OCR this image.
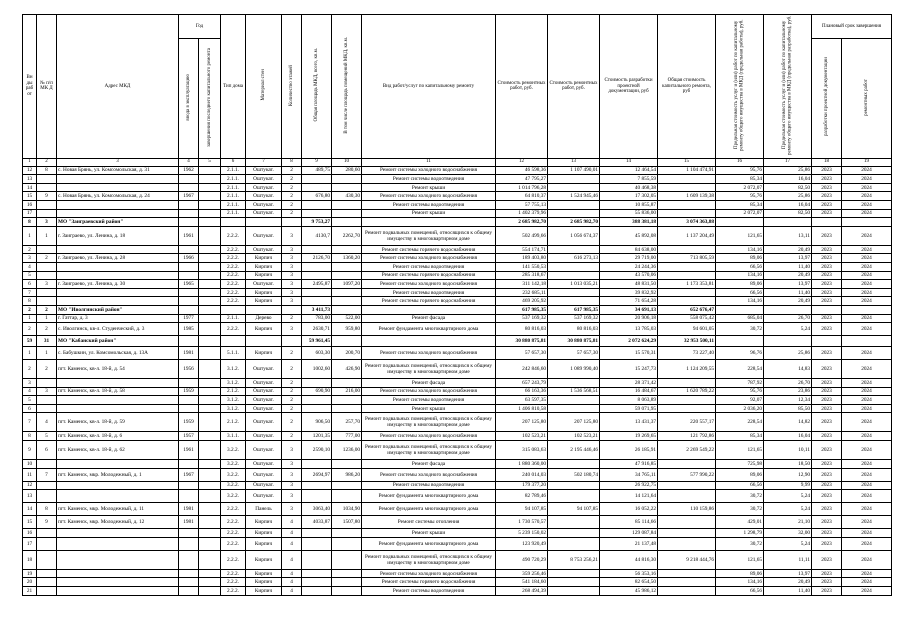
Вн ды раб от	№ п/п МК Д	Адрес МКД	Год		Тип дома	Материал стен	Количество этажей	Общая площадь МКД, всего, кв.м.	В том числе площадь помещений МКД, кв.м.	Вид работ/услуг по капитальному ремонту	Стоимость ремонтных работ, руб.	Стоимость ремонтных работ, руб.	Стоимость разработки проектной документации, руб	Общая стоимость капитального ремонта, руб	Предельная стоимость услуг и (или) работ по капитальному ремонту общего имущества в МКД (предельная работы), руб.	Предельная стоимость услуг и (или) работ по капитальному ремонту общего имущества в МКД (предельная разработка), руб.	Плановый срок завершения	
			ввода в эксплуатацию	завершения последнего капитального ремонта													разработки проектной документации	ремонтных работ
1	2	3	4	5	6	7	8	9	10	11	12	13	14	15	16	17	18	19
12	8	с. Новая Брянь, ул. Комсомольская, д. 31	1962		2.1.1.	Оштукат.	2	489,75	280,60	Ремонт системы холодного водоснабжения	46 598,36	1 107 490,01	12 464,54	1 104 474,91	95,76	25,86	2023	2024
13					2.1.1.	Оштукат.	2			Ремонт системы водоотведения	47 795,27		7 855,59		85,34	16,04	2023	2024
14					2.1.1.	Оштукат.	2			Ремонт крыши	1 014 796,28		40 468,38		2 072,07	82,50	2023	2024
15	9	с. Новая Брянь, ул. Комсомольская, д. 24	1967		2.1.1.	Оштукат.	2	676,80	430,30	Ремонт системы холодного водоснабжения	64 810,37	1 524 945,46	17 302,05	1 609 139,38	95,76	25,86	2023	2024
16					2.1.1.	Оштукат.	2			Ремонт системы водоотведения	57 755,13		10 855,87		85,34	16,04	2023	2024
17					2.1.1.	Оштукат.	2			Ремонт крыши	1 402 379,96		55 836,00		2 072,07	82,50	2023	2024
8	3	МО "Заиграевский район"						9 753,27			2 685 982,70	2 685 982,70	388 381,18	3 074 363,88				
1	1	г. Заиграево, ул. Ленина, д. 18	1961		2.2.2.	Оштукат.	3	4130,7	2262,70	Ремонт подвальных помещений, относящихся к общему имуществу в многоквартирном доме	502 499,66	1 056 674,37	45 892,08	1 137 204,49	121,65	13,11	2023	2024
2					2.2.2.	Оштукат.	3			Ремонт системы горячего водоснабжения	554 174,71		84 638,00		134,16	20,49	2023	2024
3	2	г. Заиграево, ул. Ленина, д. 28	1966		2.2.2.	Кирпич	3	2126,70	1360,20	Ремонт системы холодного водоснабжения	189 403,80	616 273,13	29 719,00	713 805,59	89,06	13,97	2023	2024
4					2.2.2.	Кирпич	3			Ремонт системы водоотведения	141 550,53		24 244,36		66,56	11,40	2023	2024
5					2.2.2.	Кирпич	3			Ремонт системы горячего водоснабжения	285 318,67		43 570,06		134,16	20,49	2023	2024
6	3	г. Заиграево, ул. Ленина, д. 30	1965		2.2.2.	Оштукат.	3	2495,87	1097,20	Ремонт системы холодного водоснабжения	311 142,18	1 013 035,21	48 831,50	1 173 353,81	89,06	13,97	2023	2024
7					2.2.2.	Кирпич	3			Ремонт системы водоотведения	232 685,11		39 832,92		66,56	11,40	2023	2024
8					2.2.2.	Кирпич	3			Ремонт системы горячего водоснабжения	469 205,92		71 654,28		134,16	20,49	2023	2024
2	2	МО "Иволгинский район"						3 411,73			617 985,35	617 985,35	34 691,13	652 676,47				
1	1	г. Гаттар, д. 3	1977		2.1.1.	Дерево	2	783,00	522,00	Ремонт фасада	537 169,32	537 169,32	20 906,18	558 075,42	685,04	26,70	2023	2024
2	2	с. Иволгинск, кв-л. Студенческий, д. 3	1985		2.2.2.	Кирпич	3	2630,71	959,80	Ремонт фундамента многоквартирного дома	80 816,03	80 816,03	13 785,03	94 601,05	30,72	5,24	2023	2024
59	31	МО "Кабанский район"						59 961,45			30 880 875,81	30 880 875,81	2 072 624,29	32 953 500,11				
1	1	с. Бабушкин, ул. Комсомольская, д. 13А	1981		5.1.1.	Кирпич	2	603,30	200,70	Ремонт системы холодного водоснабжения	57 657,30	57 657,30	15 570,31	73 227,40	96,76	25,86	2023	2024
2	2	пгт. Каменск, кв-л. 18-й, д. 54	1956		3.1.2.	Оштукат.	2	1002,60	426,90	Ремонт подвальных помещений, относящихся к общему имуществу в многоквартирном доме	242 846,60	1 089 990,40	15 247,73	1 124 209,55	228,54	14,83	2023	2024
3					3.1.2.	Оштукат.	2			Ремонт фасада	657 243,79		28 371,42		787,92	26,70	2023	2024
4	3	пгт. Каменск, кв-л. 18-й, д. 58	1959		2.1.2.	Оштукат.	2	690,90	216,00	Ремонт системы холодного водоснабжения	66 163,36	1 536 568,51	16 484,67	1 620 789,22	95,76	23,86	2023	2024
5					3.1.2.	Оштукат.	2			Ремонт системы водоотведения	63 597,35		8 063,89		92,07	12,34	2023	2024
6					3.1.2.	Оштукат.	2			Ремонт крыши	1 406 810,58		59 071,95		2 036,20	85,50	2023	2024
7	4	пгт. Каменск, кв-л. 18-й, д. 59	1959		2.1.2.	Оштукат.	2	906,50	257,70	Ремонт подвальных помещений, относящихся к общему имуществу в многоквартирном доме	207 125,80	207 125,80	13 431,37	220 557,17	228,54	14,82	2023	2024
8	5	пгт. Каменск, кв-л. 18-й, д. 6	1957		3.1.1.	Оштукат.	2	1201,35	777,00	Ремонт системы холодного водоснабжения	102 523,21	102 523,21	19 269,65	121 792,86	85,34	16,04	2023	2024
9	6	пгт. Каменск, кв-л. 18-й, д. 62	1961		3.2.2.	Оштукат.	3	2590,10	1236,00	Ремонт подвальных помещений, относящихся к общему имуществу в многоквартирном доме	315 083,63	2 195 446,46	26 185,91	2 269 549,22	121,65	10,11	2023	2024
10					3.2.2.	Оштукат.	3			Ремонт фасада	1 880 360,00		47 916,85		725,98	18,50	2023	2024
11	7	пгт. Каменск, мкр. Молодежный, д. 1	1967		3.2.2.	Оштукат.	3	2694,97	986,20	Ремонт системы холодного водоснабжения	240 014,03	502 180,74	34 765,11	577 990,22	89,06	12,90	2023	2024
12					3.2.2.	Оштукат.	3			Ремонт системы водоотведения	179 377,20		26 922,75		66,56	9,99	2023	2024
13					3.2.2.	Оштукат.	3			Ремонт фундамента многоквартирного дома	82 789,46		14 121,64		30,72	5,24	2023	2024
14	8	пгт. Каменск, мкр. Молодежный, д. 11	1981		2.2.2.	Панель	3	3063,40	1034,90	Ремонт фундамента многоквартирного дома	94 107,85	94 107,85	16 052,22	110 159,86	30,72	5,24	2023	2024
15	9	пгт. Каменск, мкр. Молодежный, д. 12	1981		2.2.2.	Кирпич	4	4033,87	1507,80	Ремонт системы отопления	1 730 570,57		85 114,66		429,01	21,10	2023	2024
16					2.2.2.	Кирпич	4			Ремонт крыши	5 239 150,02		129 087,84		1 298,79	32,00	2023	2024
17					2.2.2.	Кирпич	4			Ремонт фундамента многоквартирного дома	123 920,49		21 137,48		30,72	5,24	2023	2024
18					2.2.2.	Кирпич	4			Ремонт подвальных помещений, относящихся к общему имуществу в многоквартирном доме	490 720,29	8 753 256,21	44 816,30	9 218 444,76	121,65	11,11	2023	2024
19					2.2.2.	Кирпич	4			Ремонт системы холодного водоснабжения	359 256,46		56 353,16		89,06	13,97	2023	2024
20					2.2.2.	Кирпич	4			Ремонт системы горячего водоснабжения	541 184,60		82 654,50		134,16	20,49	2023	2024
21					2.2.2.	Кирпич	4			Ремонт системы водоотведения	268 494,39		45 986,12		66,56	11,40	2023	2024
